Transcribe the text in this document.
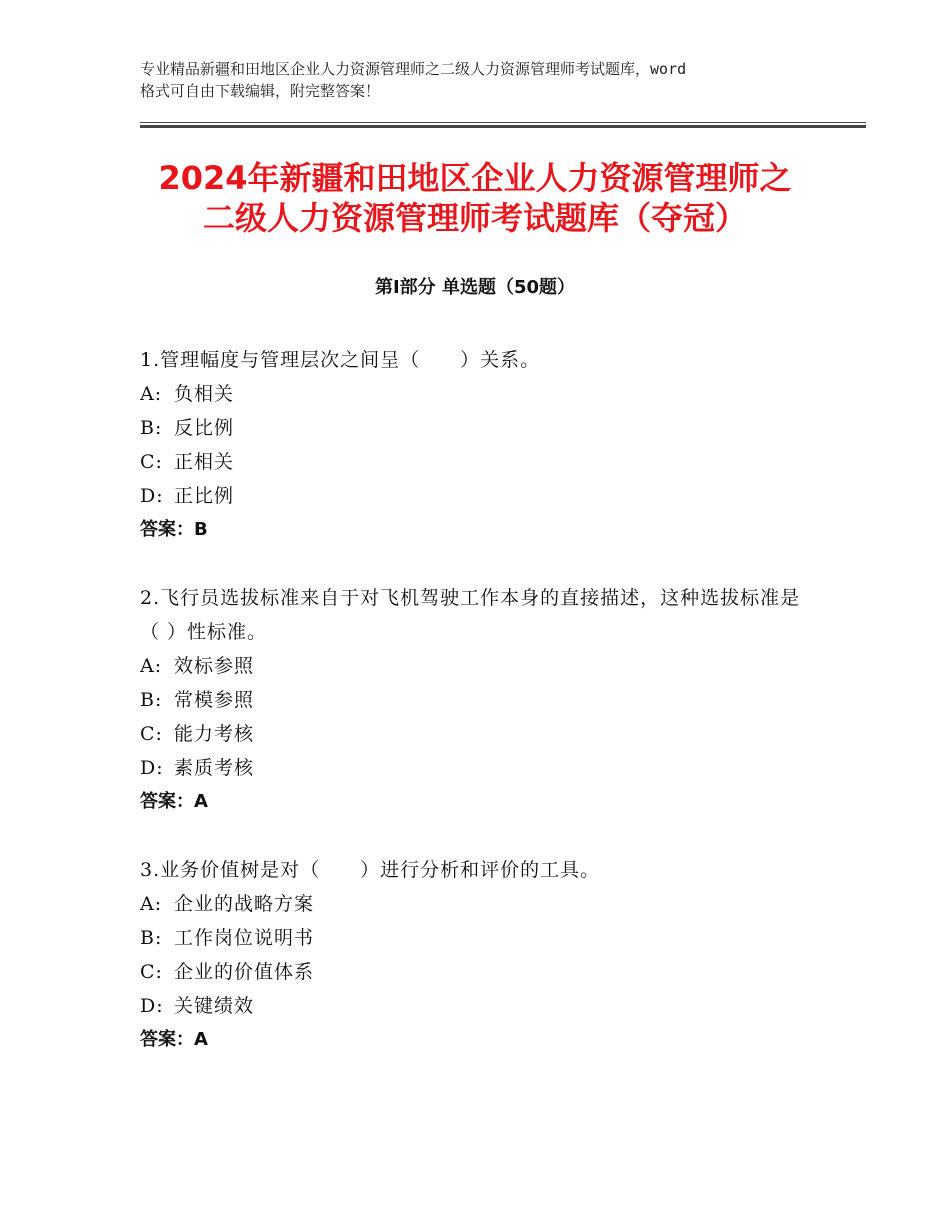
专业精品新疆和田地区企业人力资源管理师之二级人力资源管理师考试题库，word

格式可自由下载编辑，附完整答案！

2024年新疆和田地区企业人力资源管理师之

二级人力资源管理师考试题库（夺冠）

第I部分 单选题（50题）

1.管理幅度与管理层次之间呈（　　）关系。

A: 负相关

B: 反比例

C: 正相关

D: 正比例

答案：B

2.飞行员选拔标准来自于对飞机驾驶工作本身的直接描述，这种选拔标准是（ ）性标准。

A: 效标参照

B: 常模参照

C: 能力考核

D: 素质考核

答案：A

3.业务价值树是对（　　）进行分析和评价的工具。

A: 企业的战略方案

B: 工作岗位说明书

C: 企业的价值体系

D: 关键绩效

答案：A
